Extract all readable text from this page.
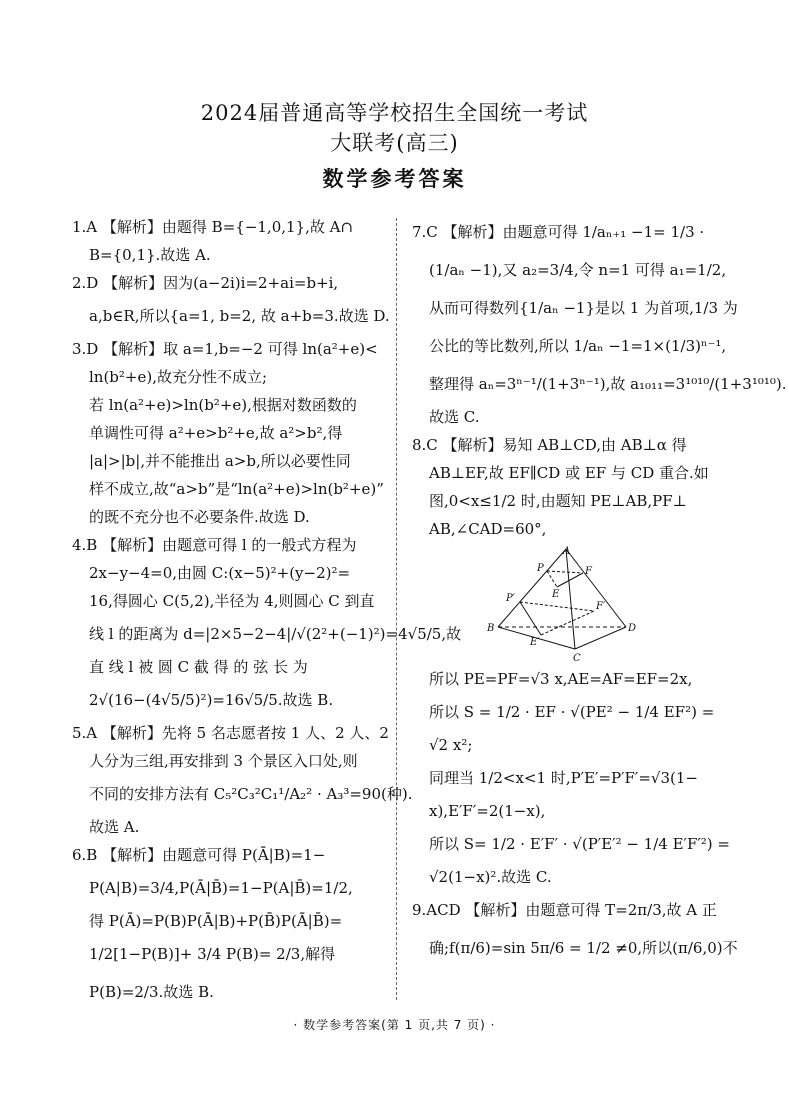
2024届普通高等学校招生全国统一考试
大联考(高三)
数学参考答案
1.A 【解析】由题得 B={−1,0,1},故 A∩
B={0,1}.故选 A.
2.D 【解析】因为(a−2i)i=2+ai=b+i,
a,b∈R,所以{a=1, b=2, 故 a+b=3.故选 D.
3.D 【解析】取 a=1,b=−2 可得 ln(a²+e)<
ln(b²+e),故充分性不成立;
若 ln(a²+e)>ln(b²+e),根据对数函数的
单调性可得 a²+e>b²+e,故 a²>b²,得
|a|>|b|,并不能推出 a>b,所以必要性同
样不成立,故“a>b”是“ln(a²+e)>ln(b²+e)”
的既不充分也不必要条件.故选 D.
4.B 【解析】由题意可得 l 的一般式方程为
2x−y−4=0,由圆 C:(x−5)²+(y−2)²=
16,得圆心 C(5,2),半径为 4,则圆心 C 到直
线 l 的距离为 d=|2×5−2−4|/√(2²+(−1)²)=4√5/5,故
直 线 l 被 圆 C 截 得 的 弦 长 为
2√(16−(4√5/5)²)=16√5/5.故选 B.
5.A 【解析】先将 5 名志愿者按 1 人、2 人、2
人分为三组,再安排到 3 个景区入口处,则
不同的安排方法有 C₅²C₃²C₁¹/A₂² · A₃³=90(种).
故选 A.
6.B 【解析】由题意可得 P(Ā|B)=1−
P(A|B)=3/4,P(Ā|B̄)=1−P(A|B̄)=1/2,
得 P(Ā)=P(B)P(Ā|B)+P(B̄)P(Ā|B̄)=
1/2[1−P(B)]+ 3/4 P(B)= 2/3,解得
P(B)=2/3.故选 B.
7.C 【解析】由题意可得 1/aₙ₊₁ −1= 1/3 ·
(1/aₙ −1),又 a₂=3/4,令 n=1 可得 a₁=1/2,
从而可得数列{1/aₙ −1}是以 1 为首项,1/3 为
公比的等比数列,所以 1/aₙ −1=1×(1/3)ⁿ⁻¹,
整理得 aₙ=3ⁿ⁻¹/(1+3ⁿ⁻¹),故 a₁₀₁₁=3¹⁰¹⁰/(1+3¹⁰¹⁰).
故选 C.
8.C 【解析】易知 AB⊥CD,由 AB⊥α 得
AB⊥EF,故 EF∥CD 或 EF 与 CD 重合.如
图,0<x≤1/2 时,由题知 PE⊥AB,PF⊥
AB,∠CAD=60°,
A
P	F
E
P′
F′
B
E′
D
C
所以 PE=PF=√3 x,AE=AF=EF=2x,
所以 S = 1/2 · EF · √(PE² − 1/4 EF²) =
√2 x²;
同理当 1/2<x<1 时,P′E′=P′F′=√3(1−
x),E′F′=2(1−x),
所以 S= 1/2 · E′F′ · √(P′E′² − 1/4 E′F′²) =
√2(1−x)².故选 C.
9.ACD 【解析】由题意可得 T=2π/3,故 A 正
确;f(π/6)=sin 5π/6 = 1/2 ≠0,所以(π/6,0)不
· 数学参考答案(第 1 页,共 7 页) ·
